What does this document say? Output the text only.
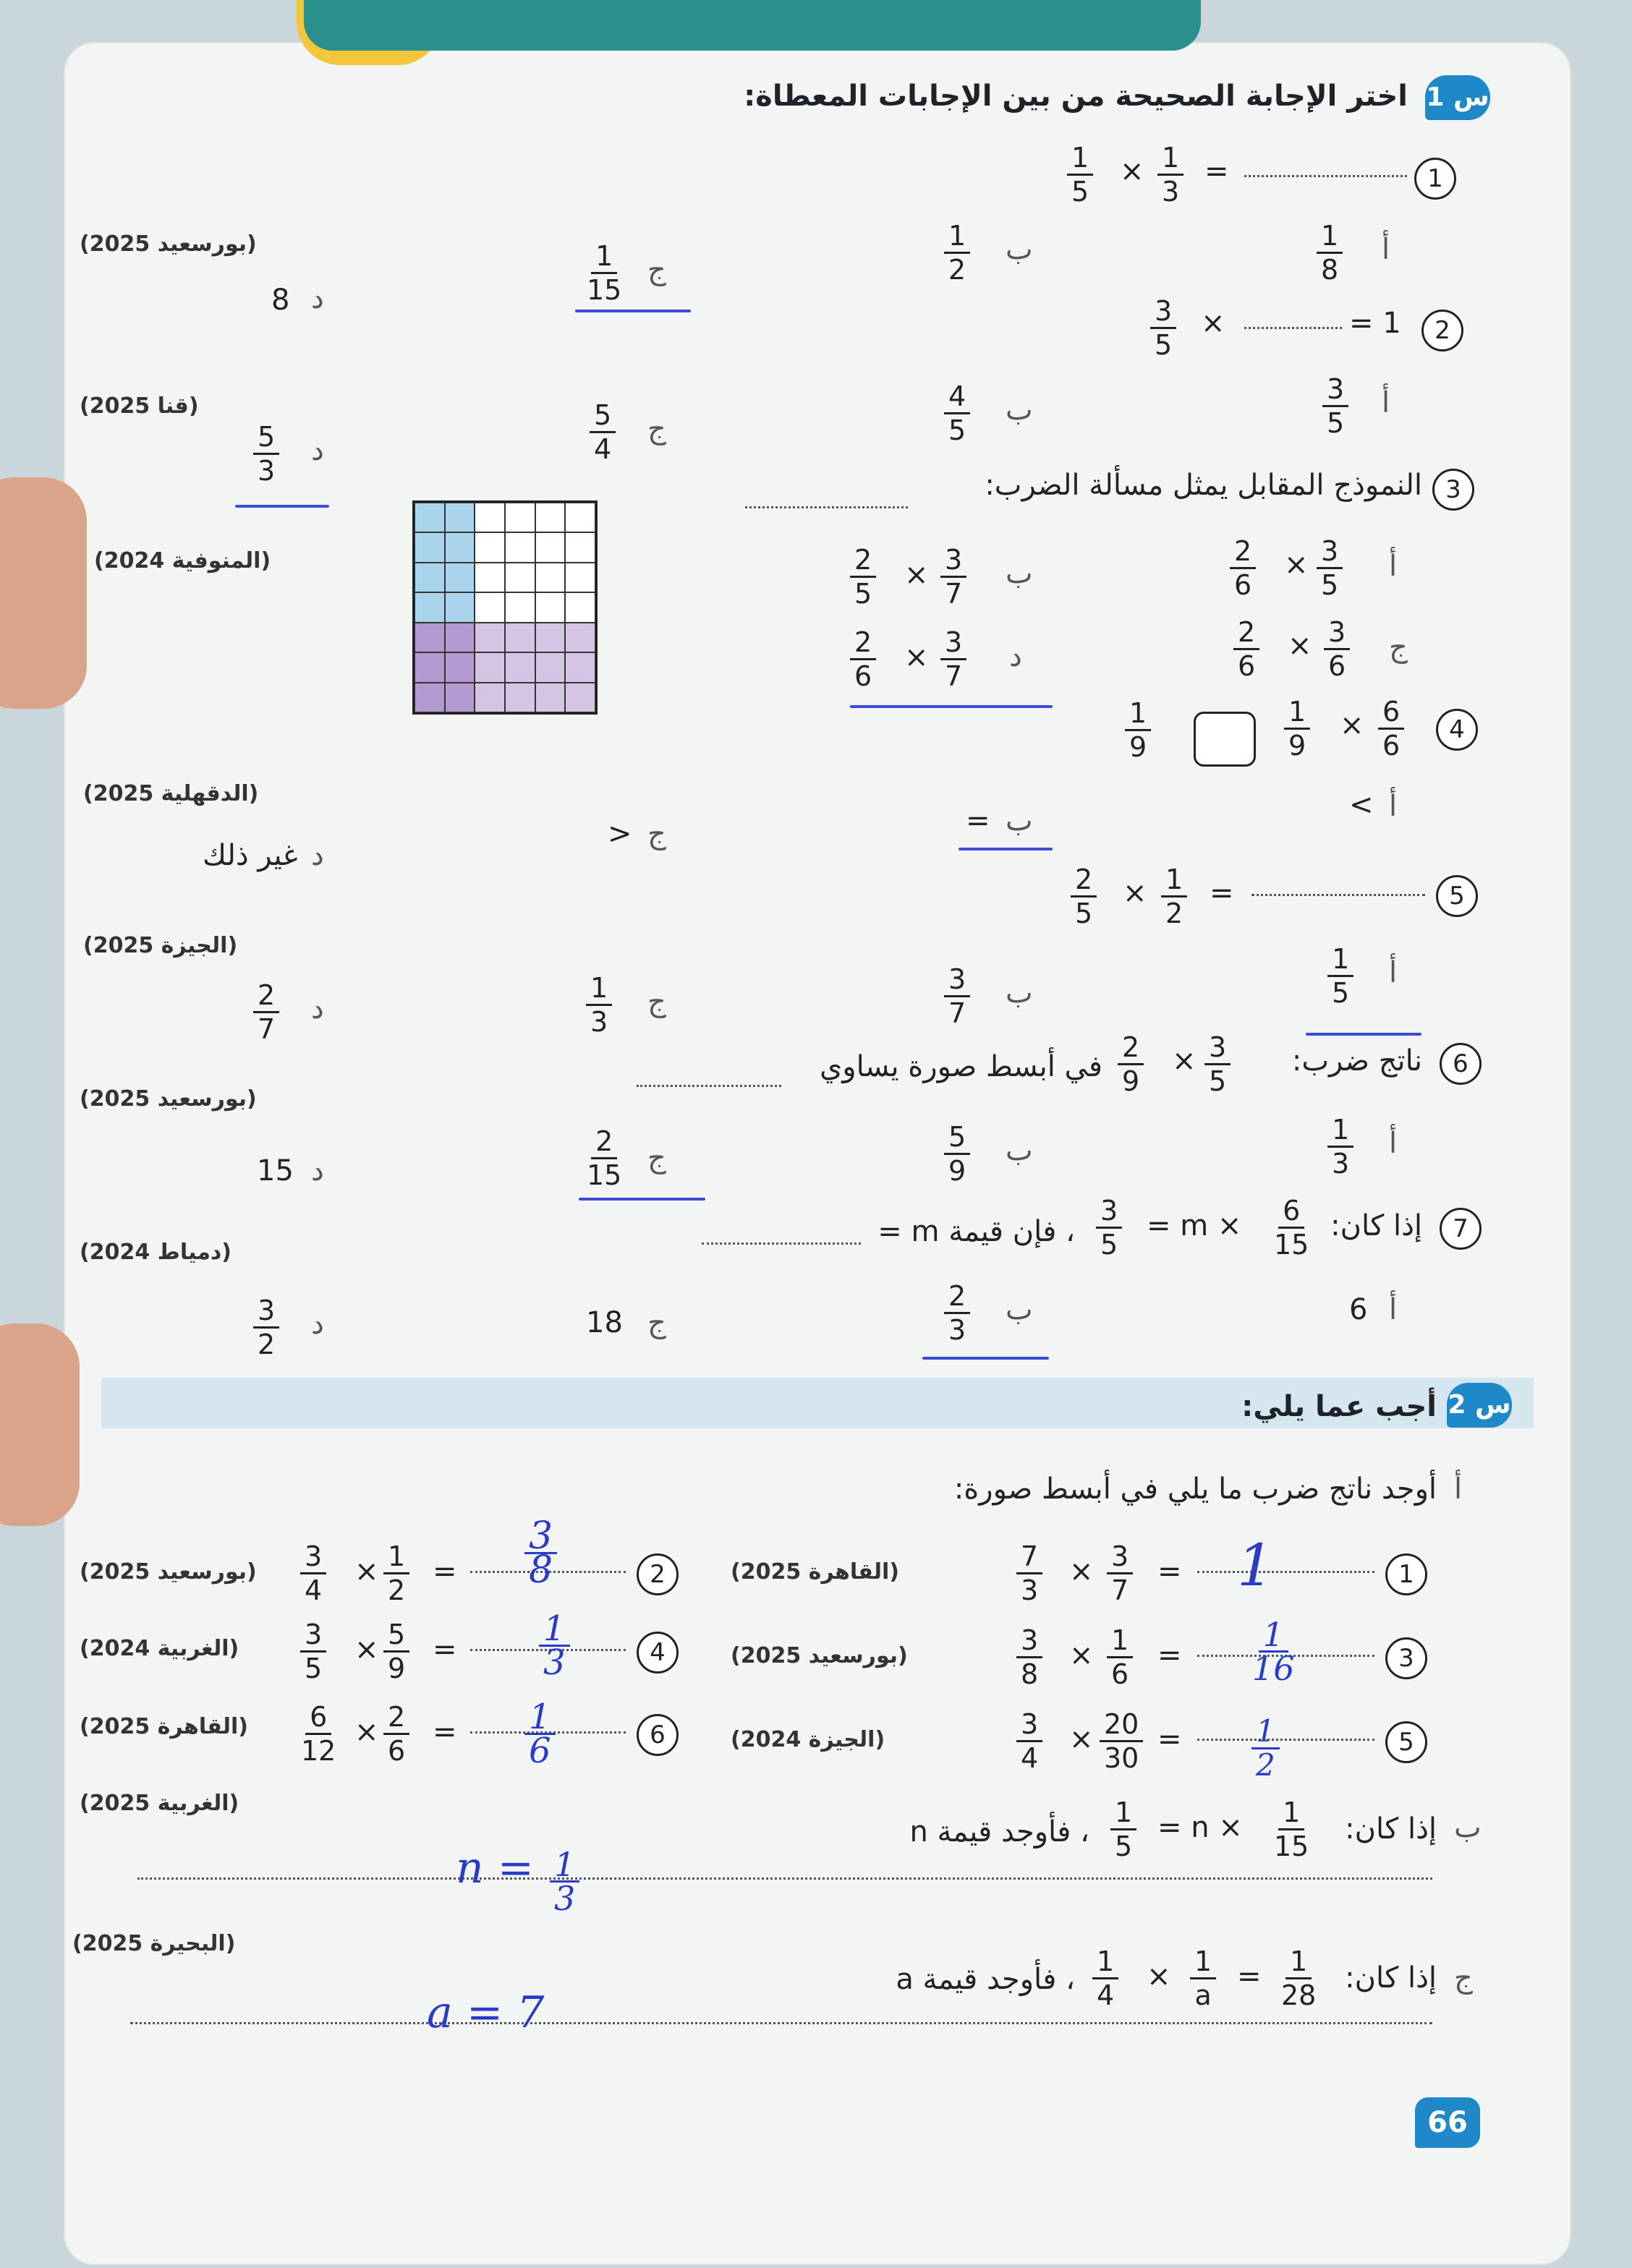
س 1
اختر الإجابة الصحيحة من بين الإجابات المعطاة:
1
=
$\frac{1}{3}$
×
$\frac{1}{5}$
(بورسعيد 2025)	أ
$\frac{1}{8}$
ب
$\frac{1}{2}$
ج
$\frac{1}{15}$
د
8
2
= 1
×
$\frac{3}{5}$
(قنا 2025)	أ
$\frac{3}{5}$
ب
$\frac{4}{5}$
ج
$\frac{5}{4}$
د
$\frac{5}{3}$
3
النموذج المقابل يمثل مسألة الضرب:
(المنوفية 2024)	أ
$\frac{3}{5}$
×
$\frac{2}{6}$
ب
$\frac{3}{7}$
×
$\frac{2}{5}$
ج
$\frac{3}{6}$
×
$\frac{2}{6}$
د
$\frac{3}{7}$
×
$\frac{2}{6}$
4
$\frac{6}{6}$
×
$\frac{1}{9}$
$\frac{1}{9}$
(الدقهلية 2025)	أ
<
ب
=
ج
>
د
غير ذلك
5
=
$\frac{1}{2}$
×
$\frac{2}{5}$
(الجيزة 2025)
أ
$\frac{1}{5}$
ب
$\frac{3}{7}$
ج
$\frac{1}{3}$
د
$\frac{2}{7}$
6
ناتج ضرب:
$\frac{3}{5}$
×
$\frac{2}{9}$
في أبسط صورة يساوي
(بورسعيد 2025)
أ
$\frac{1}{3}$
ب
$\frac{5}{9}$
ج
$\frac{2}{15}$
د
15
7
إذا كان:
$\frac{6}{15}$
= m ×
$\frac{3}{5}$
، فإن قيمة m =
(دمياط 2024)
أ
6
ب
$\frac{2}{3}$
ج
18
د
$\frac{3}{2}$
س 2
أجب عما يلي:
أ
أوجد ناتج ضرب ما يلي في أبسط صورة:
1
1
=
$\frac{3}{7}$
×
$\frac{7}{3}$
(القاهرة 2025)
3
$\frac{1}{16}$
=
$\frac{1}{6}$
×
$\frac{3}{8}$
(بورسعيد 2025)
5
$\frac{1}{2}$
=
$\frac{20}{30}$
×
$\frac{3}{4}$
(الجيزة 2024)
2
$\frac{3}{8}$
=
$\frac{1}{2}$
×
$\frac{3}{4}$
(بورسعيد 2025)
4
$\frac{1}{3}$
=
$\frac{5}{9}$
×
$\frac{3}{5}$
(الغربية 2024)
6
$\frac{1}{6}$
=
$\frac{2}{6}$
×
$\frac{6}{12}$
(القاهرة 2025)
ب
إذا كان:
$\frac{1}{15}$
= n ×
$\frac{1}{5}$
، فأوجد قيمة n
(الغربية 2025)
$n = \frac{1}{3}$
ج
إذا كان:
$\frac{1}{28}$
=
$\frac{1}{a}$
×
$\frac{1}{4}$
، فأوجد قيمة a
(البحيرة 2025)
a = 7
66
